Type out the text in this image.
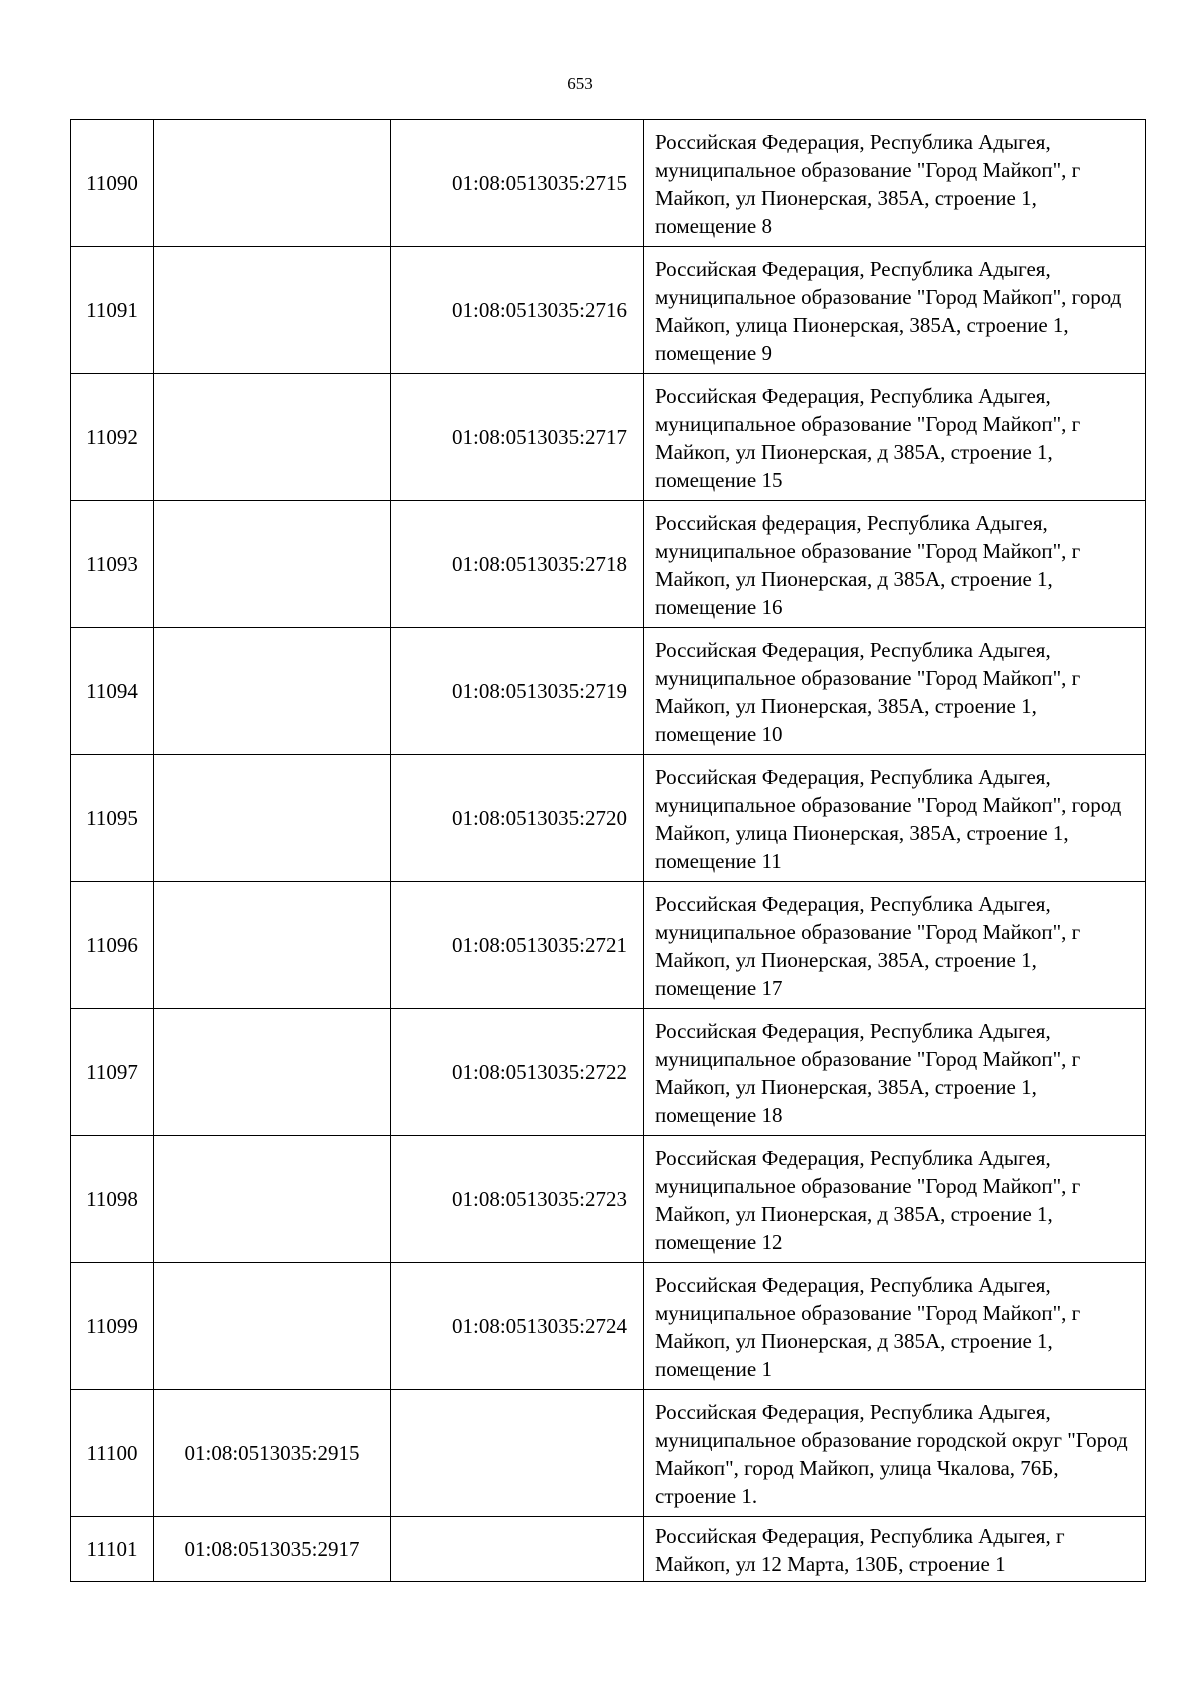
653
11090		01:08:0513035:2715	Российская Федерация, Республика Адыгея, муниципальное образование "Город Майкоп", г Майкоп, ул Пионерская, 385А, строение 1, помещение 8
11091		01:08:0513035:2716	Российская Федерация, Республика Адыгея, муниципальное образование "Город Майкоп", город Майкоп, улица Пионерская, 385А, строение 1, помещение 9
11092		01:08:0513035:2717	Российская Федерация, Республика Адыгея, муниципальное образование "Город Майкоп", г Майкоп, ул Пионерская, д 385А, строение 1, помещение 15
11093		01:08:0513035:2718	Российская федерация, Республика Адыгея, муниципальное образование "Город Майкоп", г Майкоп, ул Пионерская, д 385А, строение 1, помещение 16
11094		01:08:0513035:2719	Российская Федерация, Республика Адыгея, муниципальное образование "Город Майкоп", г Майкоп, ул Пионерская, 385А, строение 1, помещение 10
11095		01:08:0513035:2720	Российская Федерация, Республика Адыгея, муниципальное образование "Город Майкоп", город Майкоп, улица Пионерская, 385А, строение 1, помещение 11
11096		01:08:0513035:2721	Российская Федерация, Республика Адыгея, муниципальное образование "Город Майкоп", г Майкоп, ул Пионерская, 385А, строение 1, помещение 17
11097		01:08:0513035:2722	Российская Федерация, Республика Адыгея, муниципальное образование "Город Майкоп", г Майкоп, ул Пионерская, 385А, строение 1, помещение 18
11098		01:08:0513035:2723	Российская Федерация, Республика Адыгея, муниципальное образование "Город Майкоп", г Майкоп, ул Пионерская, д 385А, строение 1, помещение 12
11099		01:08:0513035:2724	Российская Федерация, Республика Адыгея, муниципальное образование "Город Майкоп", г Майкоп, ул Пионерская, д 385А, строение 1, помещение 1
11100	01:08:0513035:2915		Российская Федерация, Республика Адыгея, муниципальное образование городской округ "Город Майкоп", город Майкоп, улица Чкалова, 76Б, строение 1.
11101	01:08:0513035:2917		Российская Федерация, Республика Адыгея, г Майкоп, ул 12 Марта, 130Б, строение 1
